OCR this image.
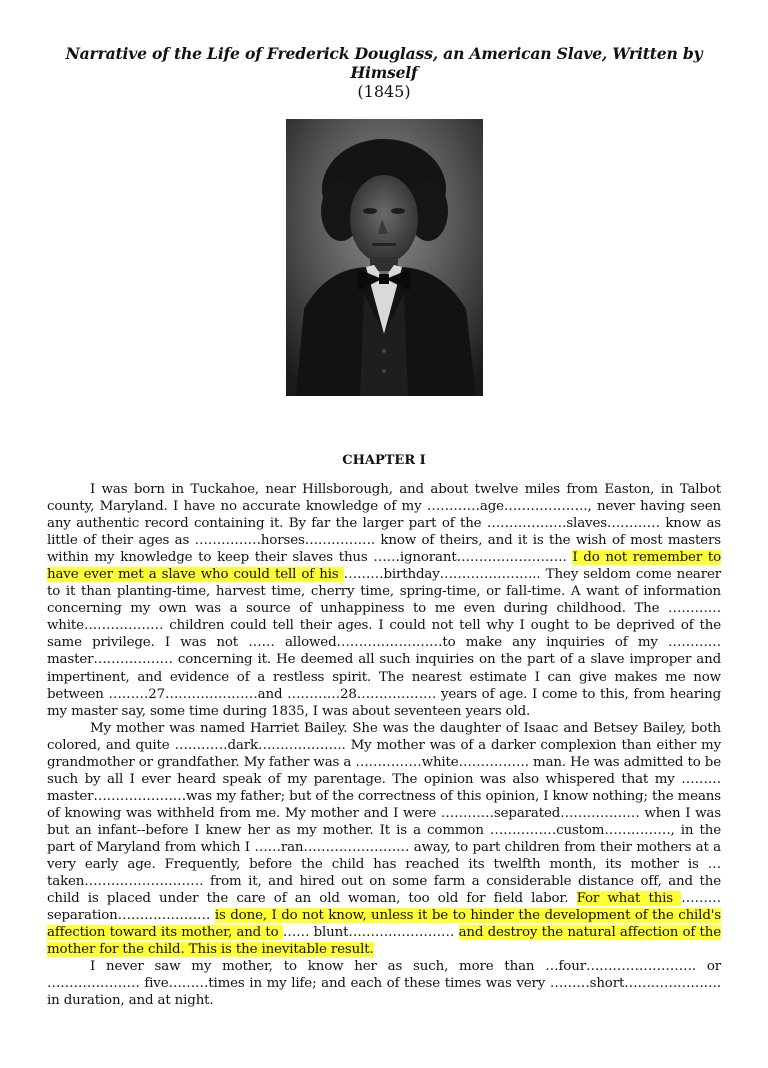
Narrative of the Life of Frederick Douglass, an American Slave, Written by Himself
(1845)
CHAPTER I

I was born in Tuckahoe, near Hillsborough, and about twelve miles from Easton, in Talbot county, Maryland. I have no accurate knowledge of my …………age………………., never having seen any authentic record containing it. By far the larger part of the ………………slaves………… know as little of their ages as ……………horses……………. know of theirs, and it is the wish of most masters within my knowledge to keep their slaves thus ……ignorant……………………. I do not remember to have ever met a slave who could tell of his ………birthday………………….. They seldom come nearer to it than planting-time, harvest time, cherry time, spring-time, or fall-time. A want of information concerning my own was a source of unhappiness to me even during childhood. The …………white……………… children could tell their ages. I could not tell why I ought to be deprived of the same privilege. I was not …… allowed……………………to make any inquiries of my …………master……………… concerning it. He deemed all such inquiries on the part of a slave improper and impertinent, and evidence of a restless spirit. The nearest estimate I can give makes me now between ………27…………………and …………28……………… years of age. I come to this, from hearing my master say, some time during 1835, I was about seventeen years old.

My mother was named Harriet Bailey. She was the daughter of Isaac and Betsey Bailey, both colored, and quite …………dark……………….. My mother was of a darker complexion than either my grandmother or grandfather. My father was a ……………white……………. man. He was admitted to be such by all I ever heard speak of my parentage. The opinion was also whispered that my ……… master…………………was my father; but of the correctness of this opinion, I know nothing; the means of knowing was withheld from me. My mother and I were …………separated……………… when I was but an infant--before I knew her as my mother. It is a common ……………custom……………, in the part of Maryland from which I ……ran…………………… away, to part children from their mothers at a very early age. Frequently, before the child has reached its twelfth month, its mother is …taken……………………… from it, and hired out on some farm a considerable distance off, and the child is placed under the care of an old woman, too old for field labor. For what this ………separation………………… is done, I do not know, unless it be to hinder the development of the child's affection toward its mother, and to …… blunt…………………… and destroy the natural affection of the mother for the child. This is the inevitable result.

I never saw my mother, to know her as such, more than …four……………………. or ………………… five………times in my life; and each of these times was very ………short…………………. in duration, and at night.
